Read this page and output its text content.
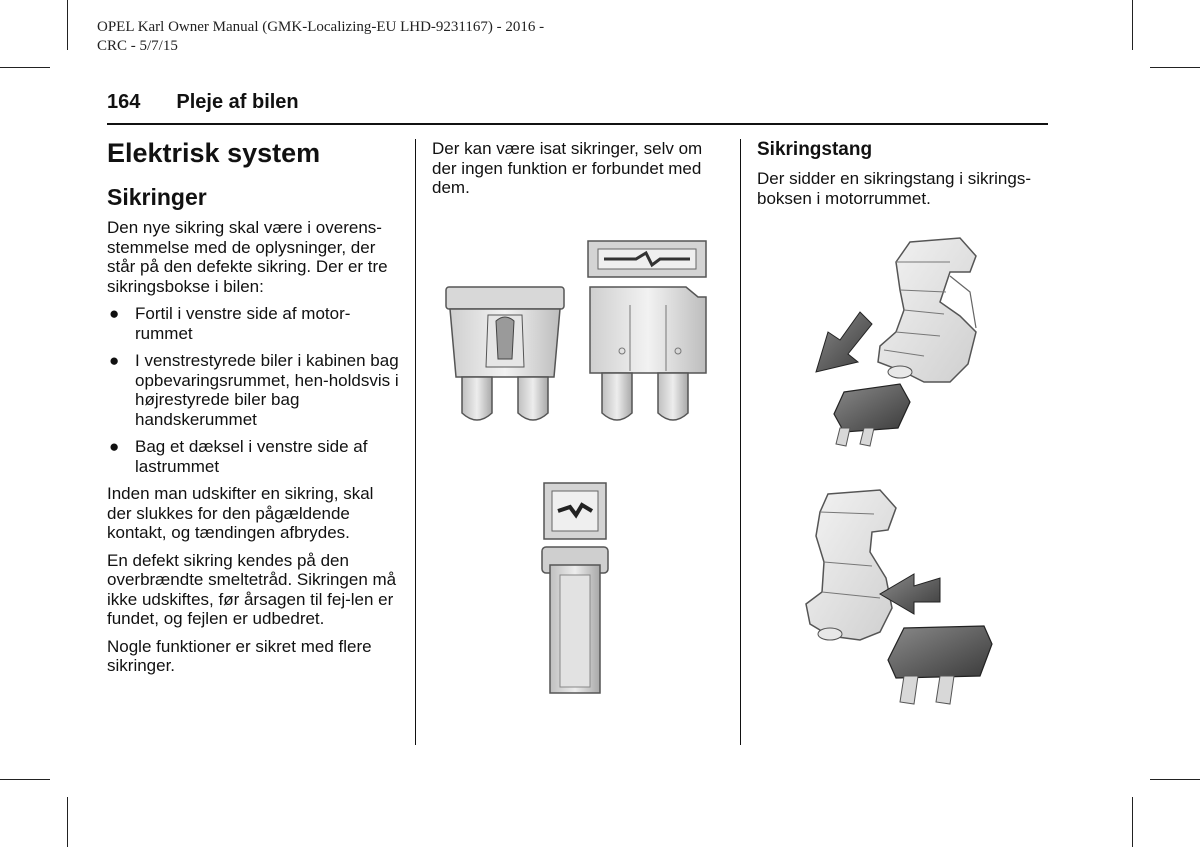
OPEL Karl Owner Manual (GMK-Localizing-EU LHD-9231167) - 2016 -
CRC - 5/7/15
164 Pleje af bilen
Elektrisk system
Sikringer

Den nye sikring skal være i overens-stemmelse med de oplysninger, der står på den defekte sikring. Der er tre sikringsbokse i bilen:

● Fortil i venstre side af motor-rummet
● I venstrestyrede biler i kabinen bag opbevaringsrummet, hen-holdsvis i højrestyrede biler bag handskerummet
● Bag et dæksel i venstre side af lastrummet

Inden man udskifter en sikring, skal der slukkes for den pågældende kontakt, og tændingen afbrydes.

En defekt sikring kendes på den overbrændte smeltetråd. Sikringen må ikke udskiftes, før årsagen til fej-len er fundet, og fejlen er udbedret.

Nogle funktioner er sikret med flere sikringer.

Der kan være isat sikringer, selv om der ingen funktion er forbundet med dem.

Sikringstang

Der sidder en sikringstang i sikrings-boksen i motorrummet.
